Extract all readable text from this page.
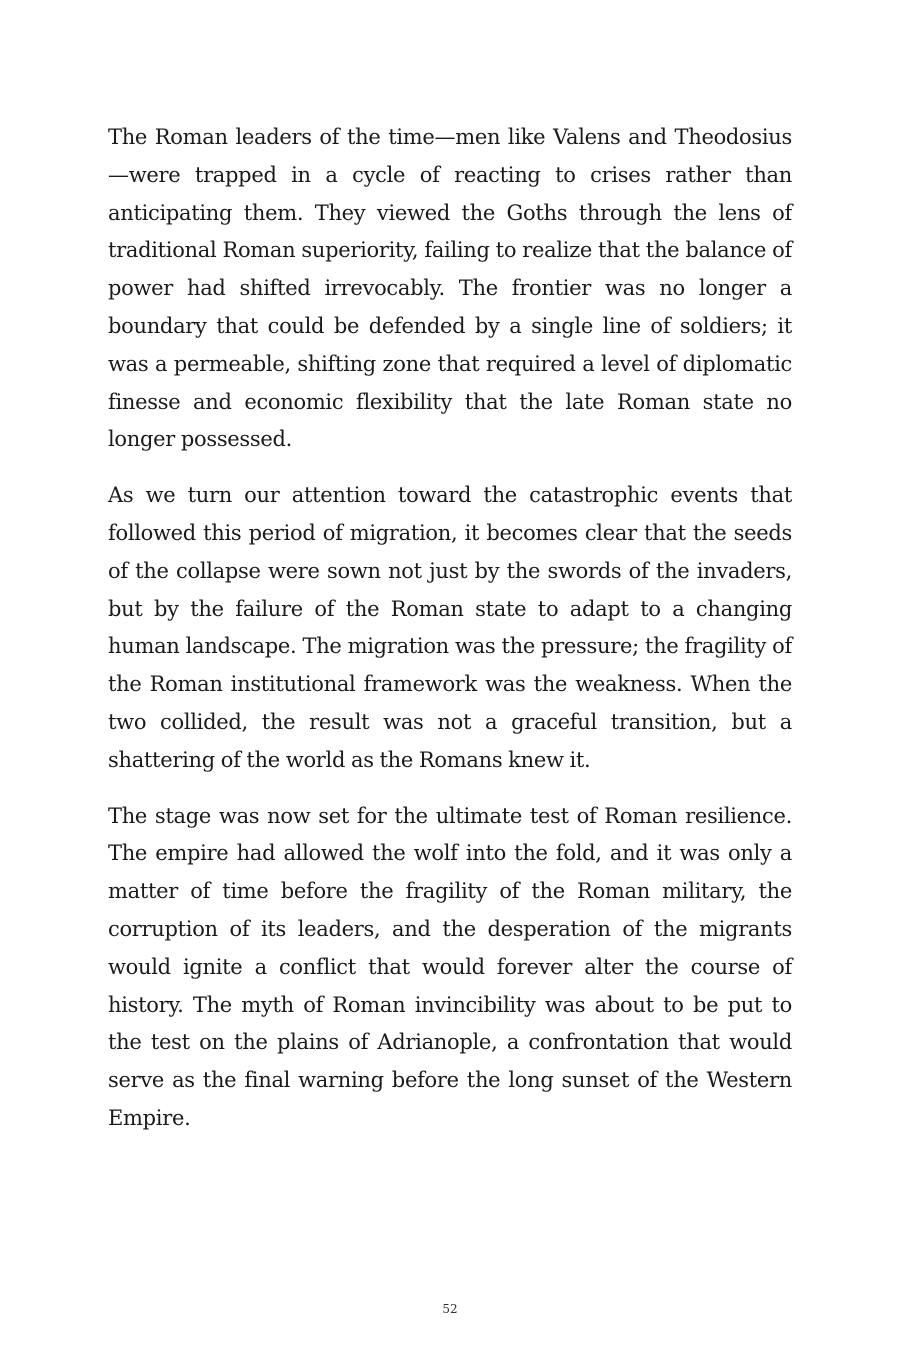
The Roman leaders of the time—men like Valens and Theodosius—were trapped in a cycle of reacting to crises rather than anticipating them. They viewed the Goths through the lens of traditional Roman superiority, failing to realize that the balance of power had shifted irrevocably. The frontier was no longer a boundary that could be defended by a single line of soldiers; it was a permeable, shifting zone that required a level of diplomatic finesse and economic flexibility that the late Roman state no longer possessed.

As we turn our attention toward the catastrophic events that followed this period of migration, it becomes clear that the seeds of the collapse were sown not just by the swords of the invaders, but by the failure of the Roman state to adapt to a changing human landscape. The migration was the pressure; the fragility of the Roman institutional framework was the weakness. When the two collided, the result was not a graceful transition, but a shattering of the world as the Romans knew it.

The stage was now set for the ultimate test of Roman resilience. The empire had allowed the wolf into the fold, and it was only a matter of time before the fragility of the Roman military, the corruption of its leaders, and the desperation of the migrants would ignite a conflict that would forever alter the course of history. The myth of Roman invincibility was about to be put to the test on the plains of Adrianople, a confrontation that would serve as the final warning before the long sunset of the Western Empire.

52
